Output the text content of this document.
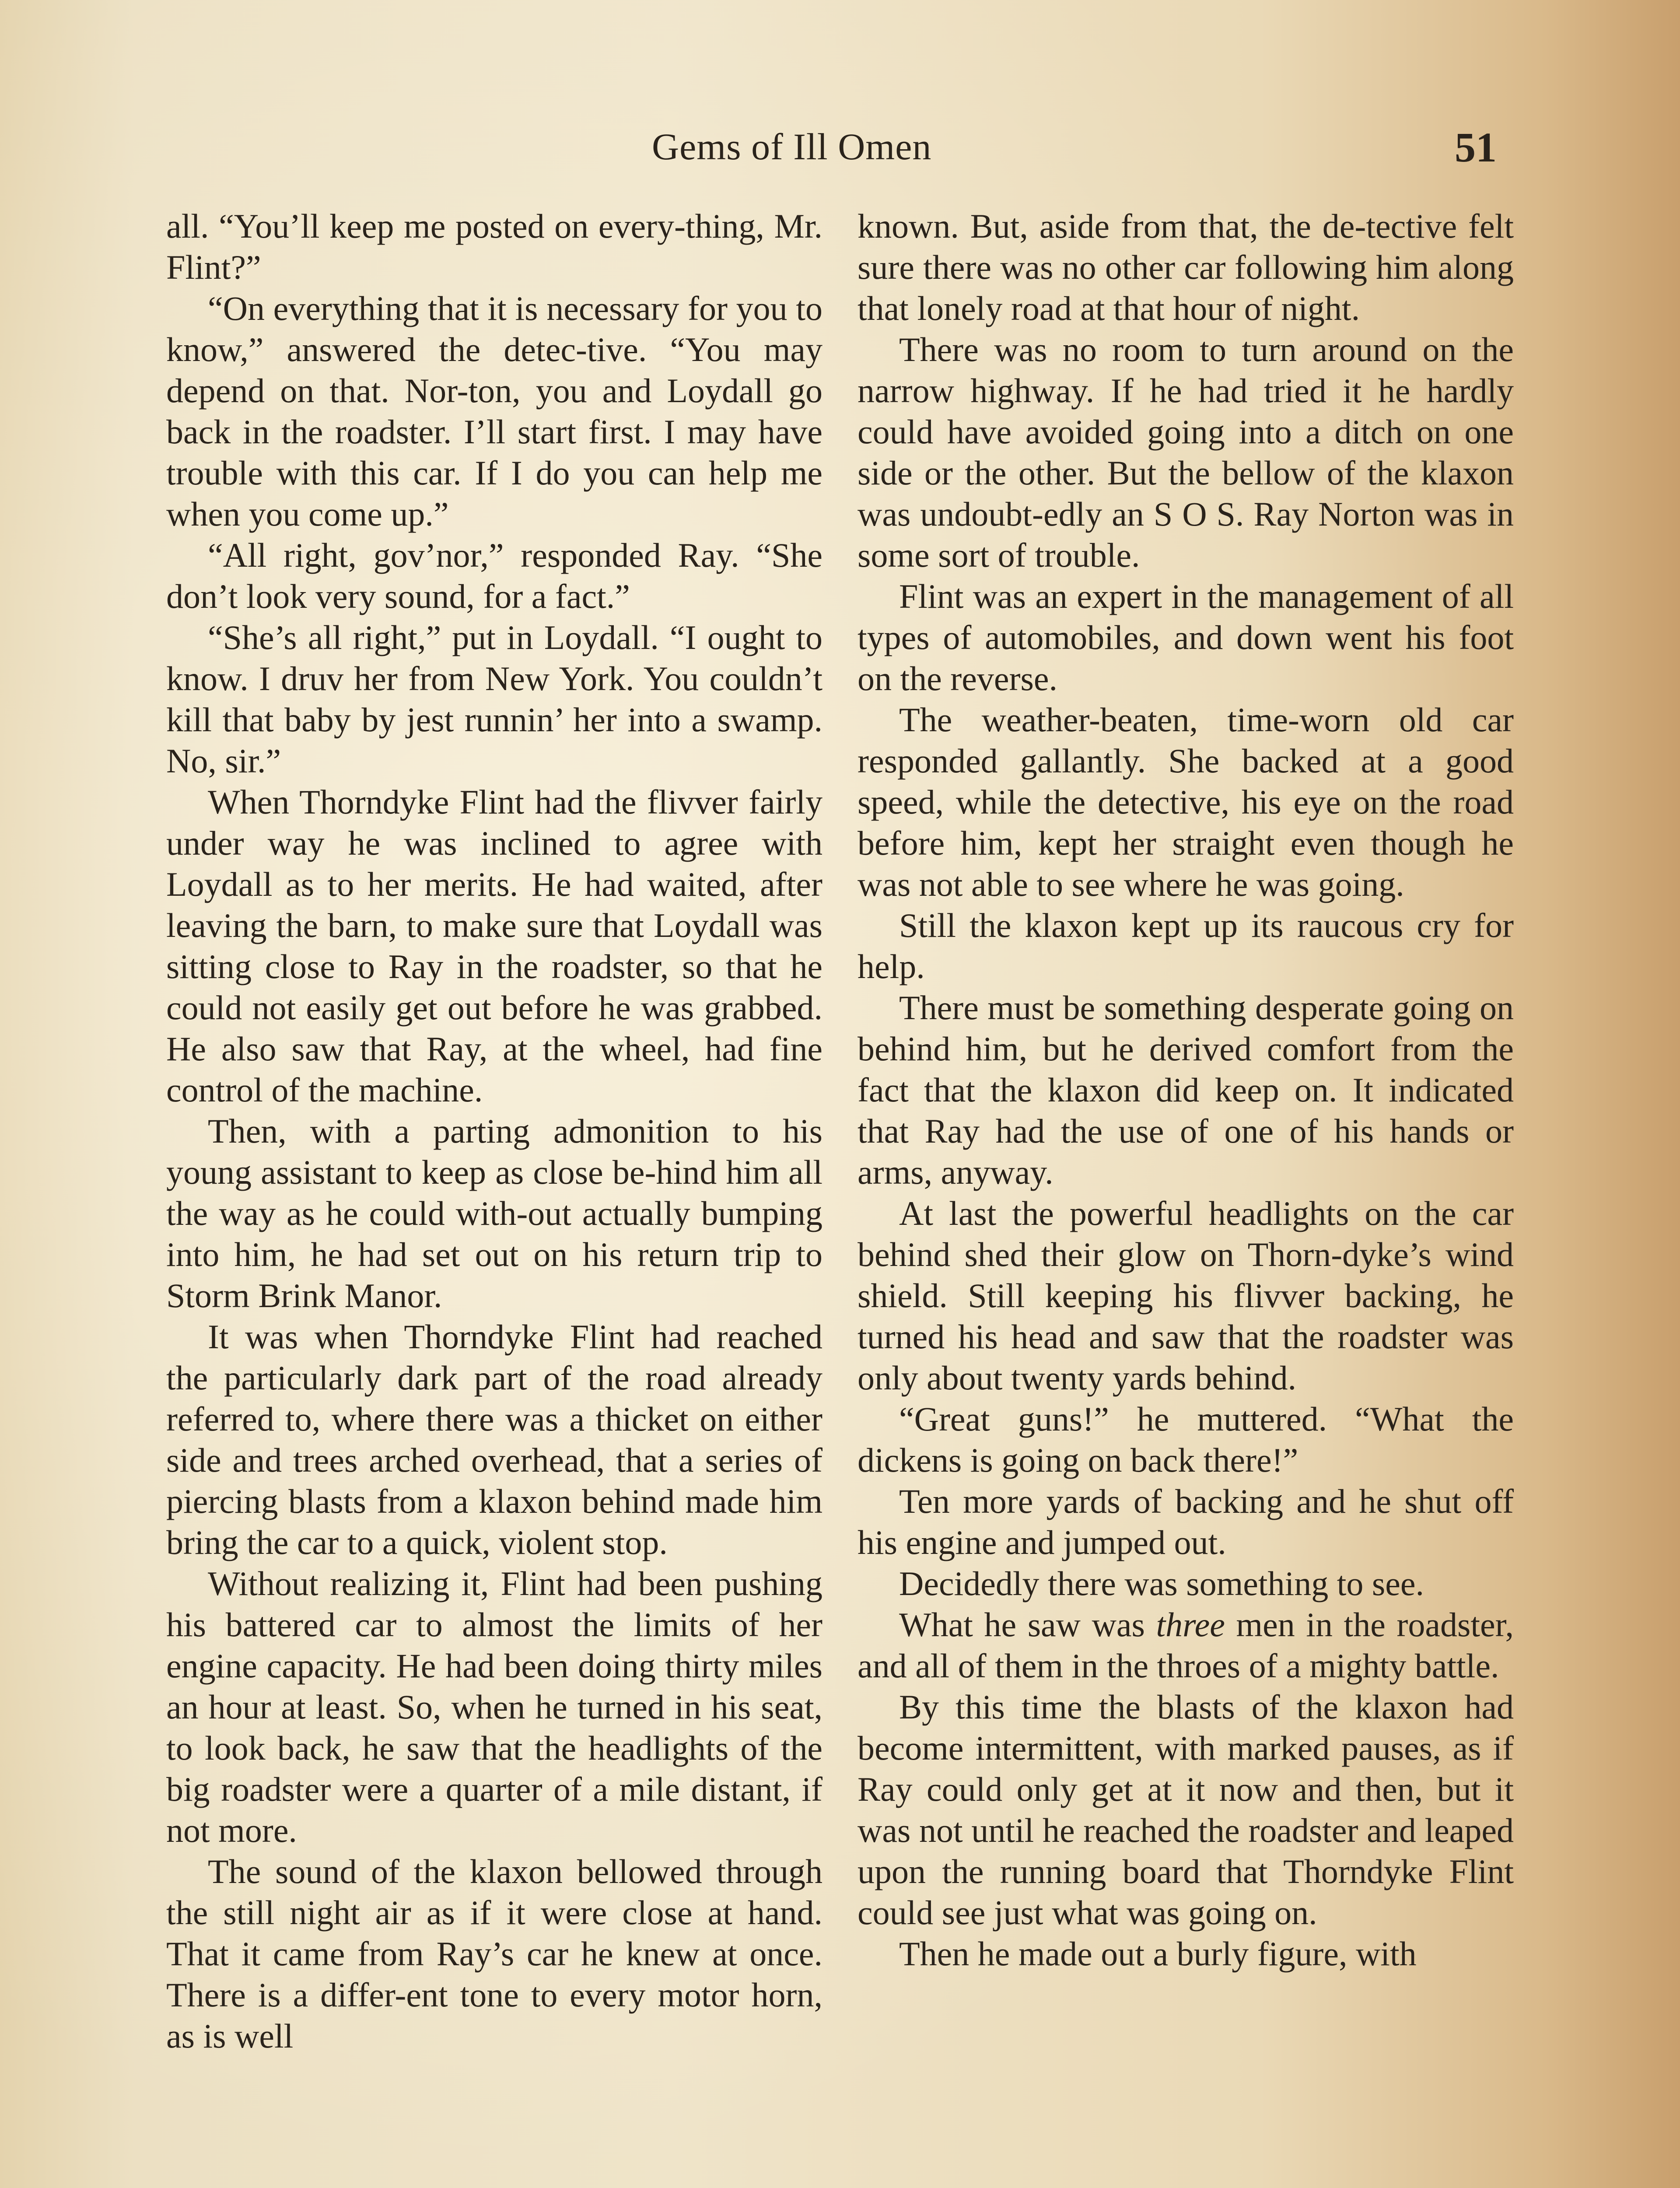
Gems of Ill Omen	51

all. “You’ll keep me posted on every-thing, Mr. Flint?”

“On everything that it is necessary for you to know,” answered the detec-tive. “You may depend on that. Nor-ton, you and Loydall go back in the roadster. I’ll start first. I may have trouble with this car. If I do you can help me when you come up.”

“All right, gov’nor,” responded Ray. “She don’t look very sound, for a fact.”

“She’s all right,” put in Loydall. “I ought to know. I druv her from New York. You couldn’t kill that baby by jest runnin’ her into a swamp. No, sir.”

When Thorndyke Flint had the flivver fairly under way he was inclined to agree with Loydall as to her merits. He had waited, after leaving the barn, to make sure that Loydall was sitting close to Ray in the roadster, so that he could not easily get out before he was grabbed. He also saw that Ray, at the wheel, had fine control of the machine.

Then, with a parting admonition to his young assistant to keep as close be-hind him all the way as he could with-out actually bumping into him, he had set out on his return trip to Storm Brink Manor.

It was when Thorndyke Flint had reached the particularly dark part of the road already referred to, where there was a thicket on either side and trees arched overhead, that a series of piercing blasts from a klaxon behind made him bring the car to a quick, violent stop.

Without realizing it, Flint had been pushing his battered car to almost the limits of her engine capacity. He had been doing thirty miles an hour at least. So, when he turned in his seat, to look back, he saw that the headlights of the big roadster were a quarter of a mile distant, if not more.

The sound of the klaxon bellowed through the still night air as if it were close at hand. That it came from Ray’s car he knew at once. There is a differ-ent tone to every motor horn, as is well

known. But, aside from that, the de-tective felt sure there was no other car following him along that lonely road at that hour of night.

There was no room to turn around on the narrow highway. If he had tried it he hardly could have avoided going into a ditch on one side or the other. But the bellow of the klaxon was undoubt-edly an S O S. Ray Norton was in some sort of trouble.

Flint was an expert in the management of all types of automobiles, and down went his foot on the reverse.

The weather-beaten, time-worn old car responded gallantly. She backed at a good speed, while the detective, his eye on the road before him, kept her straight even though he was not able to see where he was going.

Still the klaxon kept up its raucous cry for help.

There must be something desperate going on behind him, but he derived comfort from the fact that the klaxon did keep on. It indicated that Ray had the use of one of his hands or arms, anyway.

At last the powerful headlights on the car behind shed their glow on Thorn-dyke’s wind shield. Still keeping his flivver backing, he turned his head and saw that the roadster was only about twenty yards behind.

“Great guns!” he muttered. “What the dickens is going on back there!”

Ten more yards of backing and he shut off his engine and jumped out.

Decidedly there was something to see.

What he saw was three men in the roadster, and all of them in the throes of a mighty battle.

By this time the blasts of the klaxon had become intermittent, with marked pauses, as if Ray could only get at it now and then, but it was not until he reached the roadster and leaped upon the running board that Thorndyke Flint could see just what was going on.

Then he made out a burly figure, with
